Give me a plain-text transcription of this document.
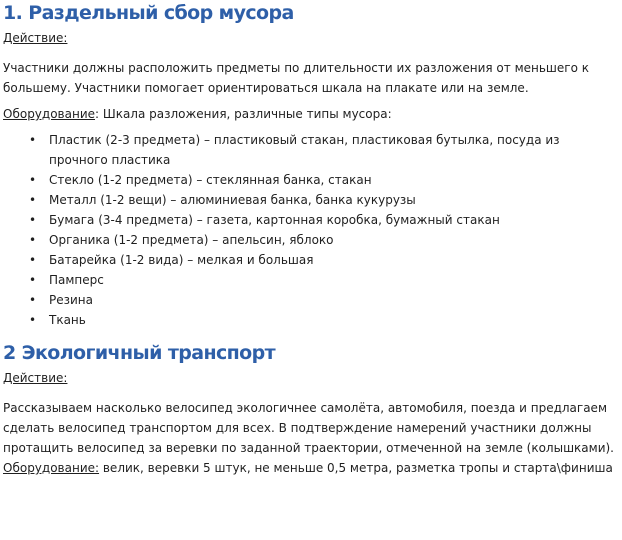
1. Раздельный сбор мусора

Действие:

Участники должны расположить предметы по длительности их разложения от меньшего к большему. Участники помогает ориентироваться шкала на плакате или на земле.

Оборудование: Шкала разложения, различные типы мусора:

• Пластик (2-3 предмета) – пластиковый стакан, пластиковая бутылка, посуда из прочного пластика
• Стекло (1-2 предмета) – стеклянная банка, стакан
• Металл (1-2 вещи) – алюминиевая банка, банка кукурузы
• Бумага (3-4 предмета) – газета, картонная коробка, бумажный стакан
• Органика (1-2 предмета) – апельсин, яблоко
• Батарейка (1-2 вида) – мелкая и большая
• Памперс
• Резина
• Ткань
2 Экологичный транспорт

Действие:

Рассказываем насколько велосипед экологичнее самолёта, автомобиля, поезда и предлагаем сделать велосипед транспортом для всех. В подтверждение намерений участники должны протащить велосипед за веревки по заданной траектории, отмеченной на земле (колышками).

Оборудование: велик, веревки 5 штук, не меньше 0,5 метра, разметка тропы и старта\финиша
